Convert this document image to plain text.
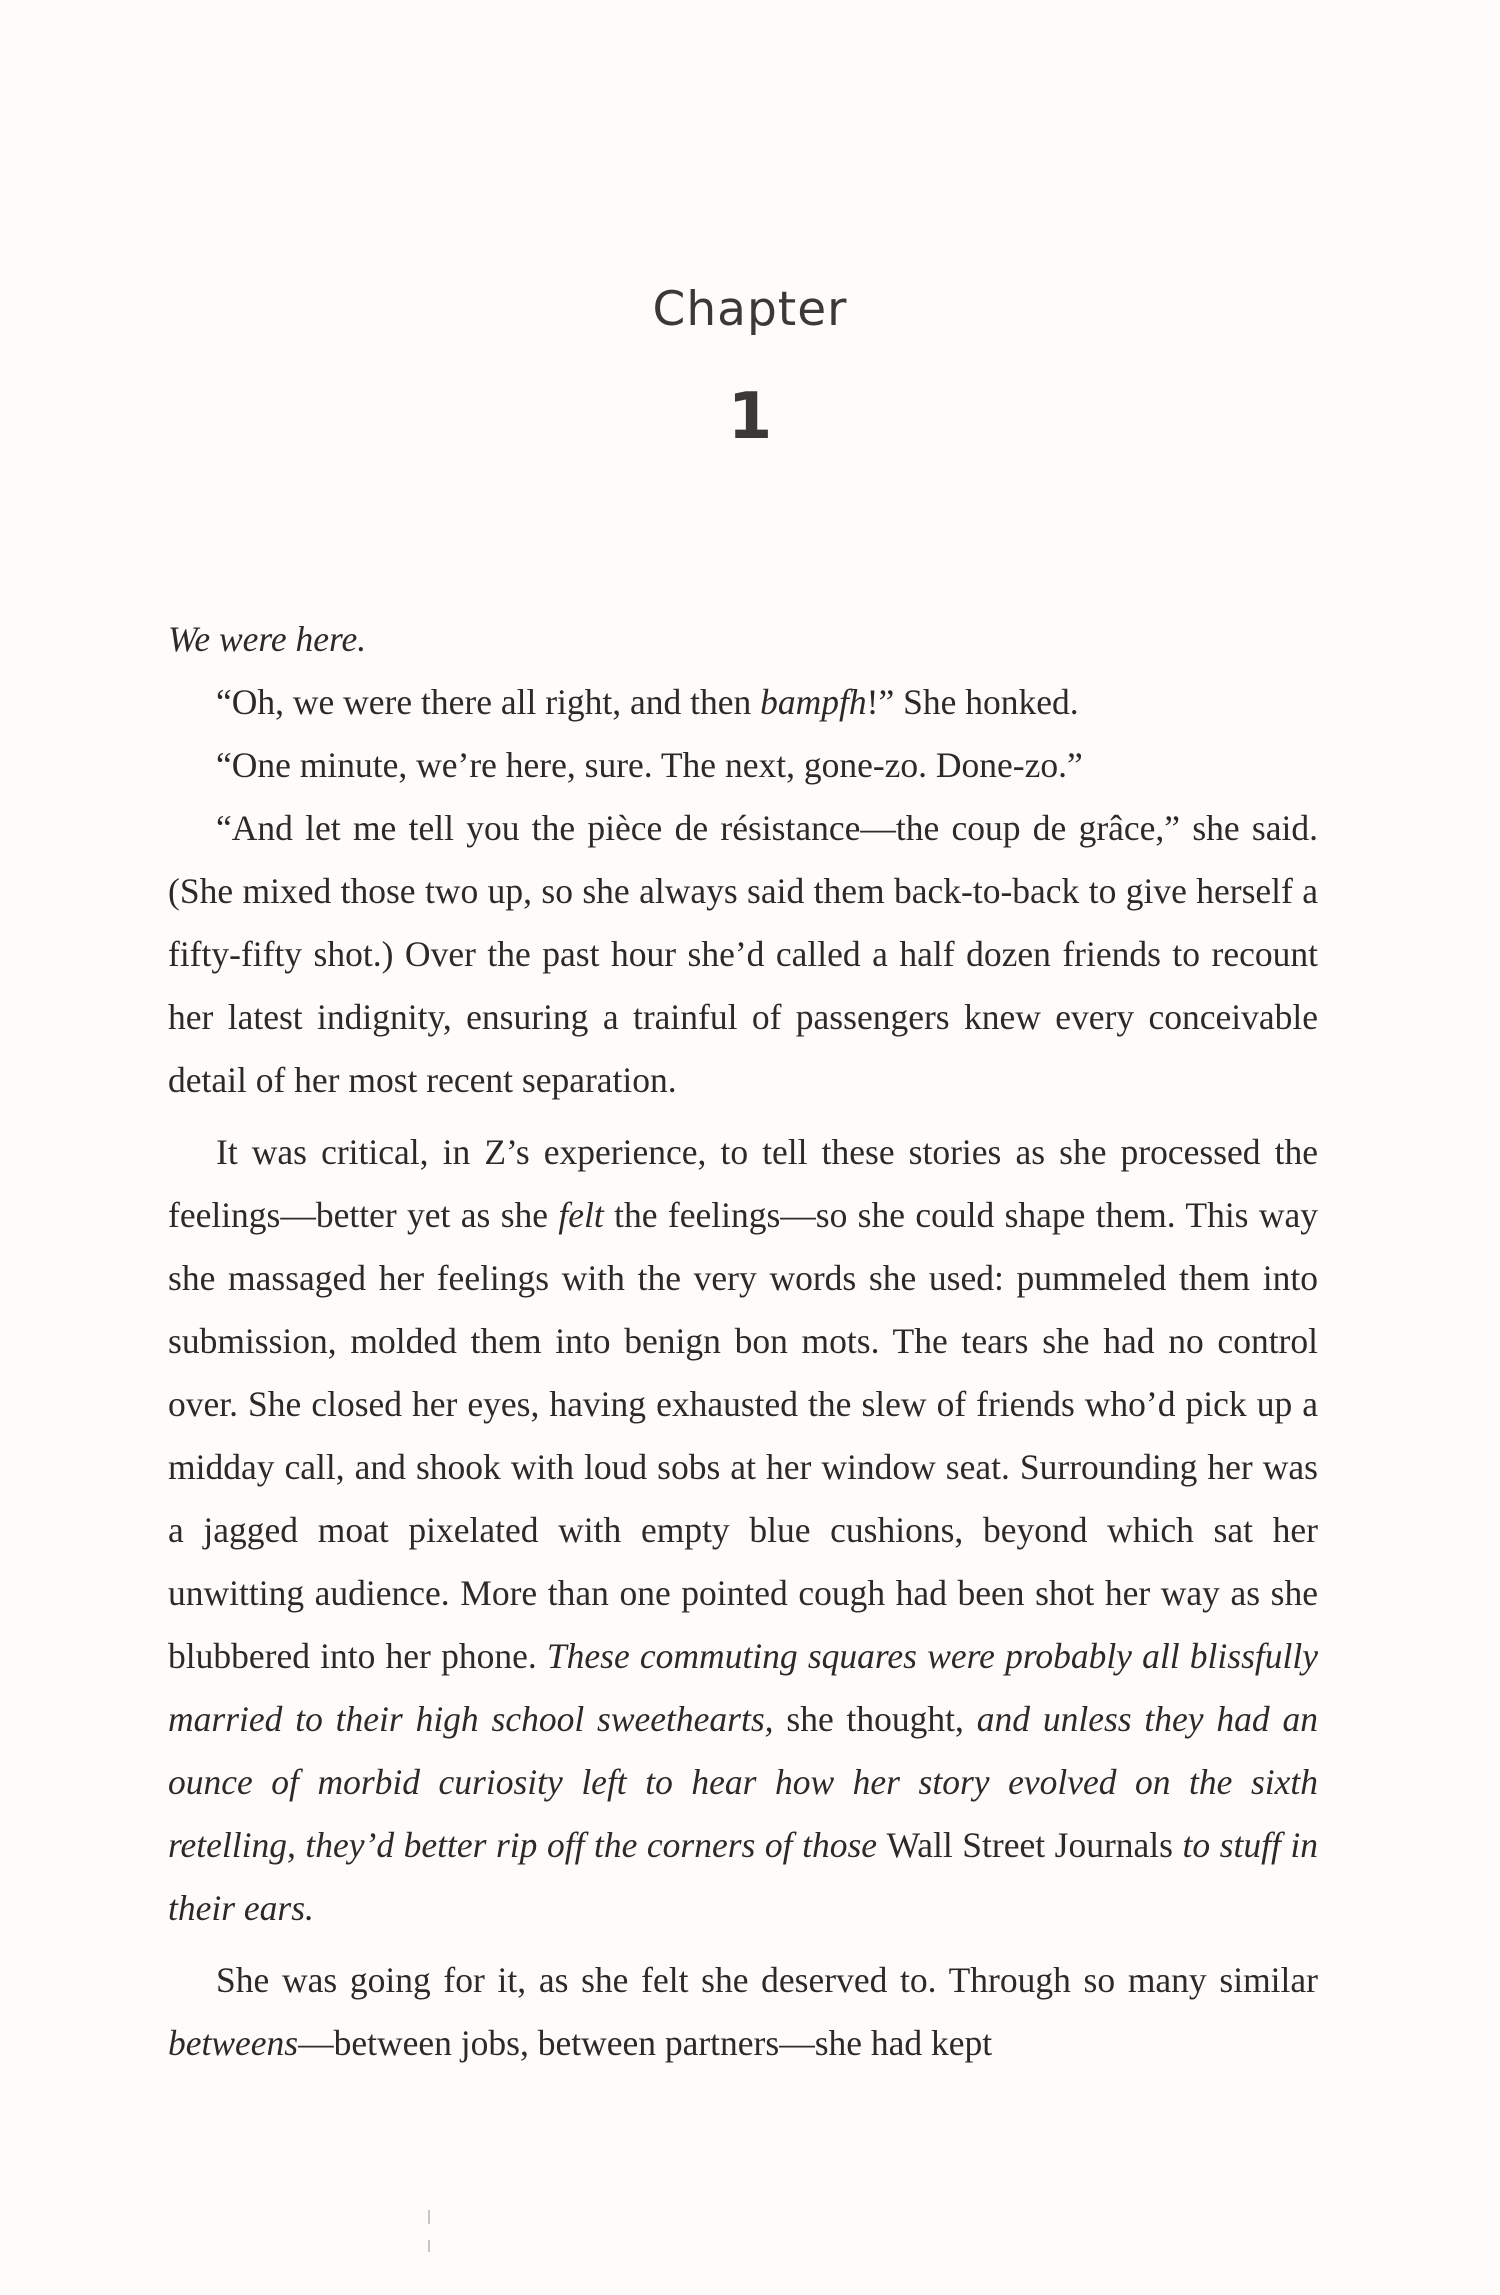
Chapter
1

We were here.

“Oh, we were there all right, and then bampfh!” She honked.

“One minute, we’re here, sure. The next, gone-zo. Done-zo.”

“And let me tell you the pièce de résistance—the coup de grâce,” she said. (She mixed those two up, so she always said them back-to-back to give herself a fifty-fifty shot.) Over the past hour she’d called a half dozen friends to recount her latest indignity, ensuring a trainful of passengers knew every conceivable detail of her most recent separation.

It was critical, in Z’s experience, to tell these stories as she processed the feelings—better yet as she felt the feelings—so she could shape them. This way she massaged her feelings with the very words she used: pummeled them into submission, molded them into benign bon mots. The tears she had no control over. She closed her eyes, having exhausted the slew of friends who’d pick up a midday call, and shook with loud sobs at her window seat. Surrounding her was a jagged moat pixelated with empty blue cushions, beyond which sat her unwitting audience. More than one pointed cough had been shot her way as she blubbered into her phone. These commuting squares were probably all blissfully married to their high school sweethearts, she thought, and unless they had an ounce of morbid curiosity left to hear how her story evolved on the sixth retelling, they’d better rip off the corners of those Wall Street Journals to stuff in their ears.

She was going for it, as she felt she deserved to. Through so many similar betweens—between jobs, between partners—she had kept
